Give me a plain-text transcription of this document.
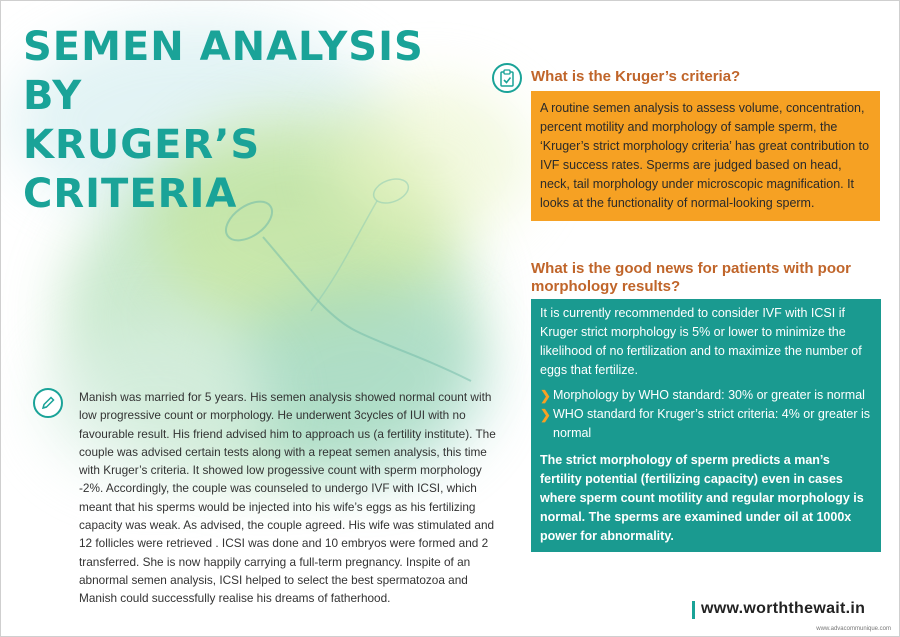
SEMEN ANALYSIS BY
KRUGER’S CRITERIA
What is the Kruger’s criteria?

A routine semen analysis to assess volume, concentration, percent motility and morphology of sample sperm, the ‘Kruger’s strict morphology criteria’ has great contribution to IVF success rates. Sperms are judged based on head, neck, tail morphology under microscopic magnification. It looks at the functionality of normal-looking sperm.

What is the good news for patients with poor morphology results?

It is currently recommended to consider IVF with ICSI if Kruger strict morphology is 5% or lower to minimize the likelihood of no fertilization and to maximize the number of eggs that fertilize.

❯ Morphology by WHO standard: 30% or greater is normal
❯ WHO standard for Kruger’s strict criteria: 4% or greater is normal

The strict morphology of sperm predicts a man’s fertility potential (fertilizing capacity) even in cases where sperm count motility and regular morphology is normal. The sperms are examined under oil at 1000x power for abnormality.

Manish was married for 5 years. His semen analysis showed normal count with low progressive count or morphology. He underwent 3cycles of IUI with no favourable result. His friend advised him to approach us (a fertility institute). The couple was advised certain tests along with a repeat semen analysis, this time with Kruger’s criteria. It showed low progessive count with sperm morphology -2%. Accordingly, the couple was counseled to undergo IVF with ICSI, which meant that his sperms would be injected into his wife’s eggs as his fertilizing capacity was weak. As advised, the couple agreed. His wife was stimulated and 12 follicles were retrieved . ICSI was done and 10 embryos were formed and 2 transferred. She is now happily carrying a full-term pregnancy. Inspite of an abnormal semen analysis, ICSI helped to select the best spermatozoa and Manish could successfully realise his dreams of fatherhood.

www.worththewait.in

www.advacommunique.com
